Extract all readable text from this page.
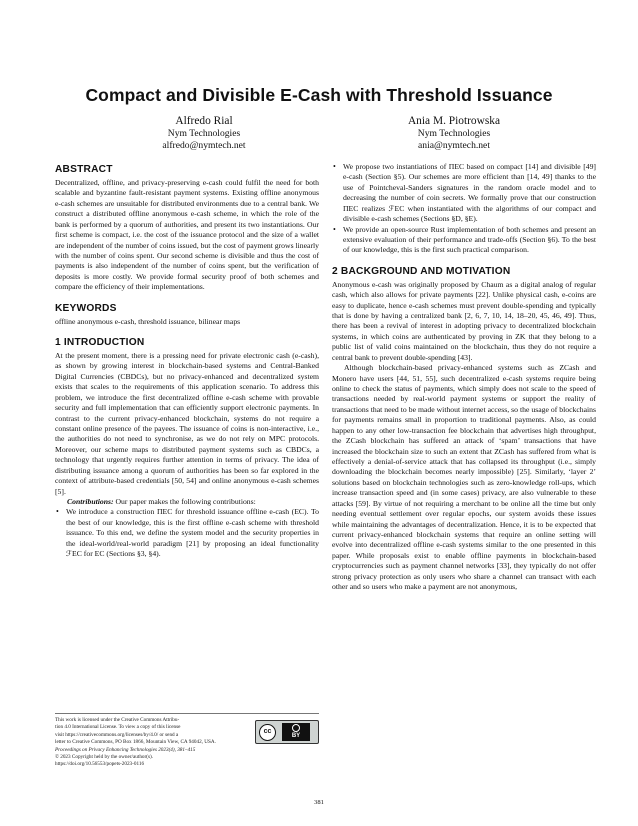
Compact and Divisible E-Cash with Threshold Issuance
Alfredo Rial
Nym Technologies
alfredo@nymtech.net
Ania M. Piotrowska
Nym Technologies
ania@nymtech.net
ABSTRACT

Decentralized, offline, and privacy-preserving e-cash could fulfil the need for both scalable and byzantine fault-resistant payment systems. Existing offline anonymous e-cash schemes are unsuitable for distributed environments due to a central bank. We construct a distributed offline anonymous e-cash scheme, in which the role of the bank is performed by a quorum of authorities, and present its two instantiations. Our first scheme is compact, i.e. the cost of the issuance protocol and the size of a wallet are independent of the number of coins issued, but the cost of payment grows linearly with the number of coins spent. Our second scheme is divisible and thus the cost of payments is also independent of the number of coins spent, but the verification of deposits is more costly. We provide formal security proof of both schemes and compare the efficiency of their implementations.

KEYWORDS

offline anonymous e-cash, threshold issuance, bilinear maps

1 INTRODUCTION

At the present moment, there is a pressing need for private electronic cash (e-cash), as shown by growing interest in blockchain-based systems and Central-Banked Digital Currencies (CBDCs), but no privacy-enhanced and decentralized system exists that scales to the requirements of this application scenario. To address this problem, we introduce the first decentralized offline e-cash scheme with provable security and full implementation that can efficiently support electronic payments. In contrast to the current privacy-enhanced blockchain, systems do not require a constant online presence of the payees. The issuance of coins is non-interactive, i.e., the authorities do not need to synchronise, as we do not rely on MPC protocols. Moreover, our scheme maps to distributed payment systems such as CBDCs, a technology that urgently requires further attention in terms of privacy. The idea of distributing issuance among a quorum of authorities has been so far explored in the context of attribute-based credentials [50, 54] and online anonymous e-cash schemes [5].

Contributions: Our paper makes the following contributions:

• We introduce a construction ΠEC for threshold issuance offline e-cash (EC). To the best of our knowledge, this is the first offline e-cash scheme with threshold issuance. To this end, we define the system model and the security properties in the ideal-world/real-world paradigm [21] by proposing an ideal functionality ℱEC for EC (Sections §3, §4).
• We propose two instantiations of ΠEC based on compact [14] and divisible [49] e-cash (Section §5). Our schemes are more efficient than [14, 49] thanks to the use of Pointcheval-Sanders signatures in the random oracle model and to decreasing the number of coin secrets. We formally prove that our construction ΠEC realizes ℱEC when instantiated with the algorithms of our compact and divisible e-cash schemes (Sections §D, §E).
• We provide an open-source Rust implementation of both schemes and present an extensive evaluation of their performance and trade-offs (Section §6). To the best of our knowledge, this is the first such practical comparison.
2 BACKGROUND AND MOTIVATION

Anonymous e-cash was originally proposed by Chaum as a digital analog of regular cash, which also allows for private payments [22]. Unlike physical cash, e-coins are easy to duplicate, hence e-cash schemes must prevent double-spending and typically that is done by having a centralized bank [2, 6, 7, 10, 14, 18–20, 45, 46, 49]. Thus, there has been a revival of interest in adopting privacy to decentralized blockchain systems, in which coins are authenticated by proving in ZK that they belong to a public list of valid coins maintained on the blockchain, thus they do not require a central bank to prevent double-spending [43].

Although blockchain-based privacy-enhanced systems such as ZCash and Monero have users [44, 51, 55], such decentralized e-cash systems require being online to check the status of payments, which simply does not scale to the speed of transactions needed by real-world payment systems or support the reality of transactions that need to be made without internet access, so the usage of blockchains for payments remains small in proportion to traditional payments. Also, as could happen to any other low-transaction fee blockchain that advertises high throughput, the ZCash blockchain has suffered an attack of ‘spam’ transactions that have increased the blockchain size to such an extent that ZCash has suffered from what is effectively a denial-of-service attack that has collapsed its throughput (i.e., simply downloading the blockchain becomes nearly impossible) [25]. Similarly, ‘layer 2’ solutions based on blockchain technologies such as zero-knowledge roll-ups, which increase transaction speed and (in some cases) privacy, are also vulnerable to these attacks [59]. By virtue of not requiring a merchant to be online all the time but only needing eventual settlement over regular epochs, our system avoids these issues while maintaining the advantages of decentralization. Hence, it is to be expected that current privacy-enhanced blockchain systems that require an online setting will evolve into decentralized offline e-cash systems similar to the one presented in this paper. While proposals exist to enable offline payments in blockchain-based cryptocurrencies such as payment channel networks [33], they typically do not offer strong privacy protection as only users who share a channel can transact with each other and so users who make a payment are not anonymous,

This work is licensed under the Creative Commons Attribu-
tion 4.0 International License. To view a copy of this license
visit https://creativecommons.org/licenses/by/4.0/ or send a
letter to Creative Commons, PO Box 1866, Mountain View, CA 94042, USA.
Proceedings on Privacy Enhancing Technologies 2023(4), 381–415
© 2023 Copyright held by the owner/author(s).
https://doi.org/10.56553/popets-2023-0116
cc
BY
381
